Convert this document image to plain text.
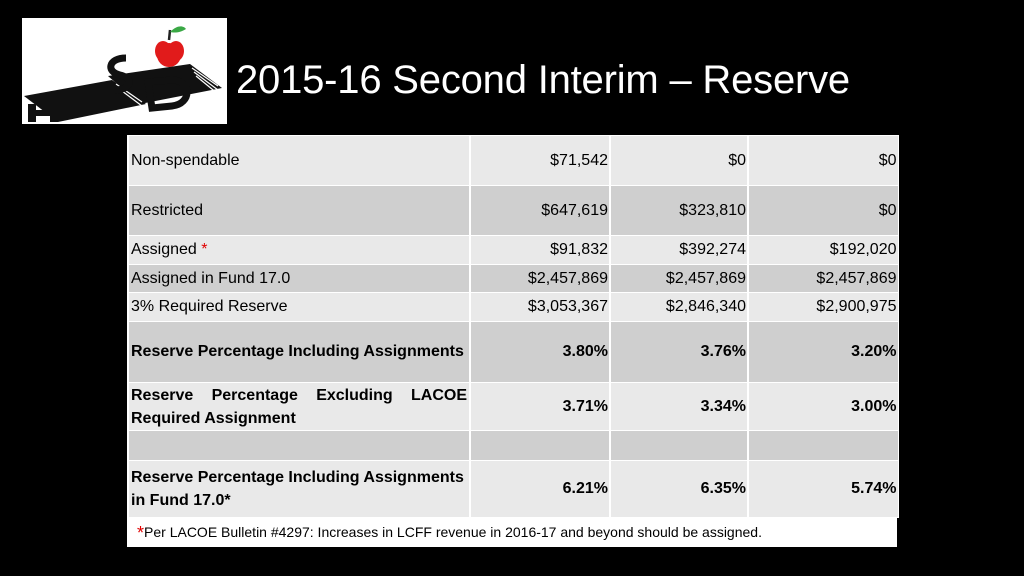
2015-16 Second Interim – Reserve
Non-spendable	$71,542	$0	$0
Restricted	$647,619	$323,810	$0
Assigned *	$91,832	$392,274	$192,020
Assigned in Fund 17.0	$2,457,869	$2,457,869	$2,457,869
3% Required Reserve	$3,053,367	$2,846,340	$2,900,975
Reserve Percentage Including Assignments	3.80%	3.76%	3.20%
Reserve Percentage Excluding LACOE Required Assignment	3.71%	3.34%	3.00%

Reserve Percentage Including Assignments in Fund 17.0*	6.21%	6.35%	5.74%
*Per LACOE Bulletin #4297: Increases in LCFF revenue in 2016-17 and beyond should be assigned.
